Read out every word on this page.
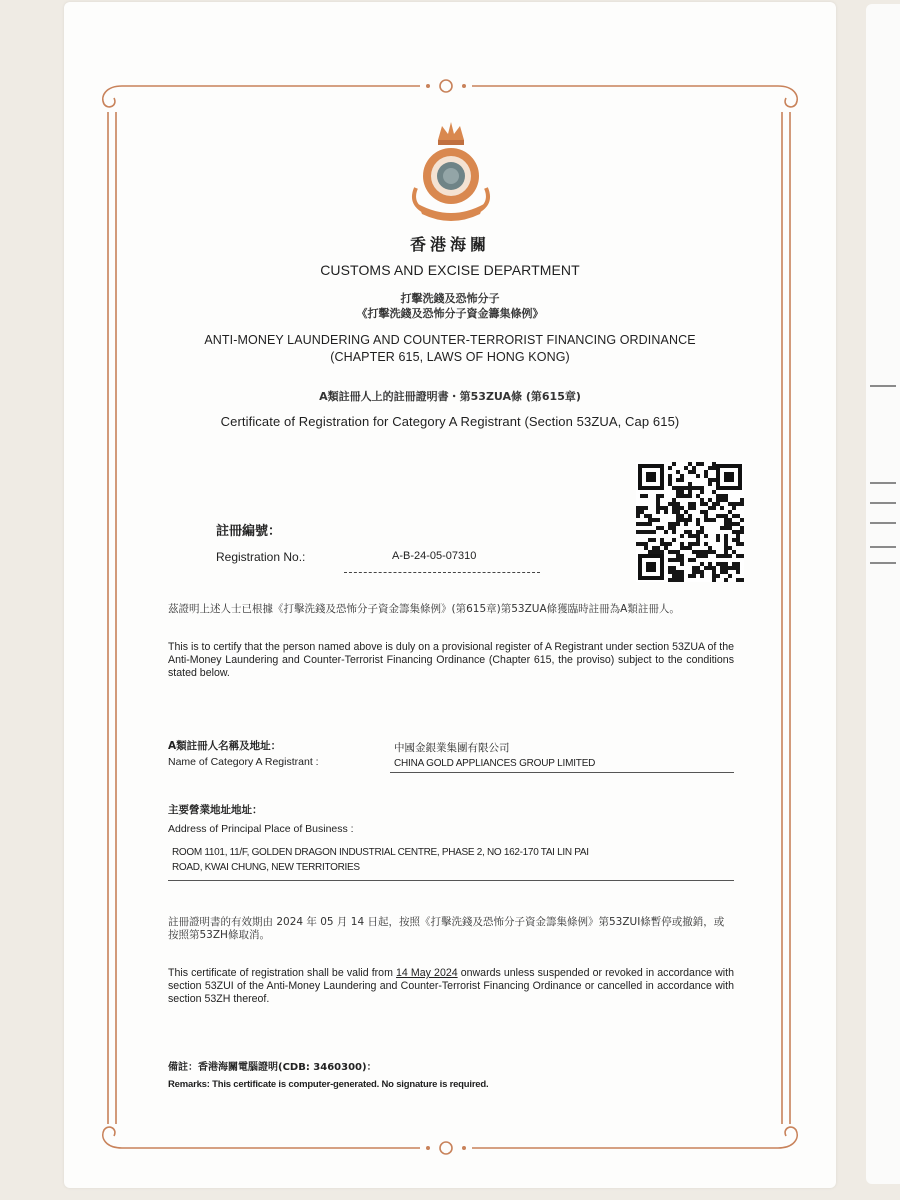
香港海關
CUSTOMS AND EXCISE DEPARTMENT
打擊洗錢及恐怖分子
《打擊洗錢及恐怖分子資金籌集條例》
ANTI-MONEY LAUNDERING AND COUNTER-TERRORIST FINANCING ORDINANCE
(CHAPTER 615, LAWS OF HONG KONG)
A類註冊人上的註冊證明書・第53ZUA條 (第615章)
Certificate of Registration for Category A Registrant (Section 53ZUA, Cap 615)
註冊編號：
Registration No.:	A-B-24-05-07310
茲證明上述人士已根據《打擊洗錢及恐怖分子資金籌集條例》(第615章)第53ZUA條獲臨時註冊為A類註冊人。
This is to certify that the person named above is duly on a provisional register of A Registrant under section 53ZUA of the Anti-Money Laundering and Counter-Terrorist Financing Ordinance (Chapter 615, the proviso) subject to the conditions stated below.
A類註冊人名稱及地址：
Name of Category A Registrant :
中國金銀業集團有限公司
CHINA GOLD APPLIANCES GROUP LIMITED
主要營業地址地址：
Address of Principal Place of Business :
ROOM 1101, 11/F, GOLDEN DRAGON INDUSTRIAL CENTRE, PHASE 2, NO 162-170 TAI LIN PAI
ROAD, KWAI CHUNG, NEW TERRITORIES
註冊證明書的有效期由 2024 年 05 月 14 日起，按照《打擊洗錢及恐怖分子資金籌集條例》第53ZUI條暫停或撤銷，或按照第53ZH條取消。
This certificate of registration shall be valid from 14 May 2024 onwards unless suspended or revoked in accordance with section 53ZUI of the Anti-Money Laundering and Counter-Terrorist Financing Ordinance or cancelled in accordance with section 53ZH thereof.
備註：香港海關電腦證明(CDB: 3460300)：
Remarks: This certificate is computer-generated. No signature is required.
